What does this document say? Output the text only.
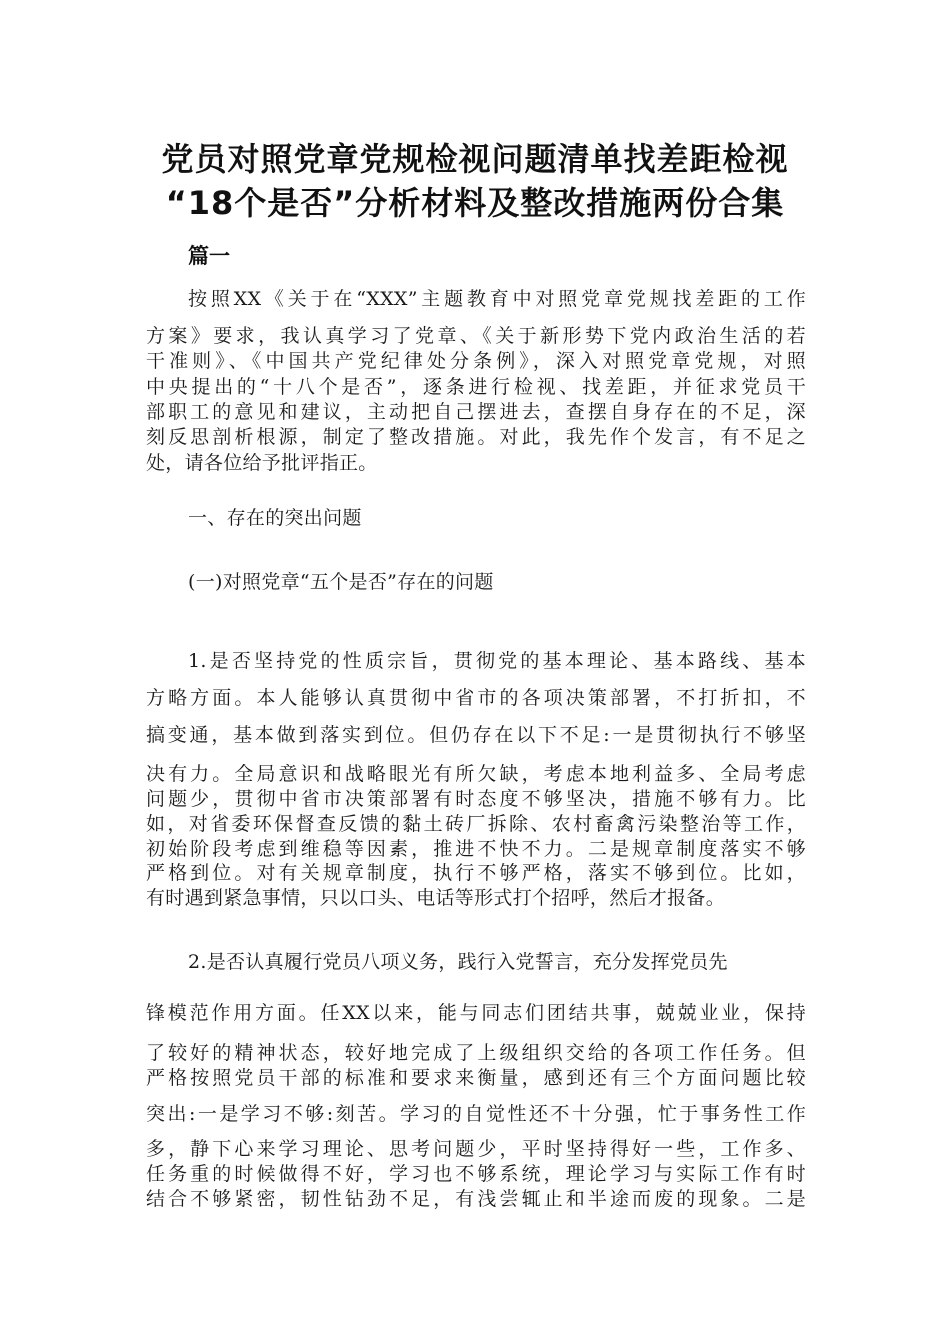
党员对照党章党规检视问题清单找差距检视
“18个是否”分析材料及整改措施两份合集
篇一
按照XX《关于在“XXX”主题教育中对照党章党规找差距的工作
方案》要求，我认真学习了党章、《关于新形势下党内政治生活的若
干准则》、《中国共产党纪律处分条例》，深入对照党章党规，对照
中央提出的“十八个是否”，逐条进行检视、找差距，并征求党员干
部职工的意见和建议，主动把自己摆进去，查摆自身存在的不足，深
刻反思剖析根源，制定了整改措施。对此，我先作个发言，有不足之
处，请各位给予批评指正。
一、存在的突出问题
(一)对照党章“五个是否”存在的问题
1.是否坚持党的性质宗旨，贯彻党的基本理论、基本路线、基本
方略方面。本人能够认真贯彻中省市的各项决策部署，不打折扣，不
搞变通，基本做到落实到位。但仍存在以下不足:一是贯彻执行不够坚
决有力。全局意识和战略眼光有所欠缺，考虑本地利益多、全局考虑
问题少，贯彻中省市决策部署有时态度不够坚决，措施不够有力。比
如，对省委环保督查反馈的黏土砖厂拆除、农村畜禽污染整治等工作，
初始阶段考虑到维稳等因素，推进不快不力。二是规章制度落实不够
严格到位。对有关规章制度，执行不够严格，落实不够到位。比如，
有时遇到紧急事情，只以口头、电话等形式打个招呼，然后才报备。
2.是否认真履行党员八项义务，践行入党誓言，充分发挥党员先
锋模范作用方面。任XX以来，能与同志们团结共事，兢兢业业，保持
了较好的精神状态，较好地完成了上级组织交给的各项工作任务。但
严格按照党员干部的标准和要求来衡量，感到还有三个方面问题比较
突出:一是学习不够:刻苦。学习的自觉性还不十分强，忙于事务性工作
多，静下心来学习理论、思考问题少，平时坚持得好一些，工作多、
任务重的时候做得不好，学习也不够系统，理论学习与实际工作有时
结合不够紧密，韧性钻劲不足，有浅尝辄止和半途而废的现象。二是
